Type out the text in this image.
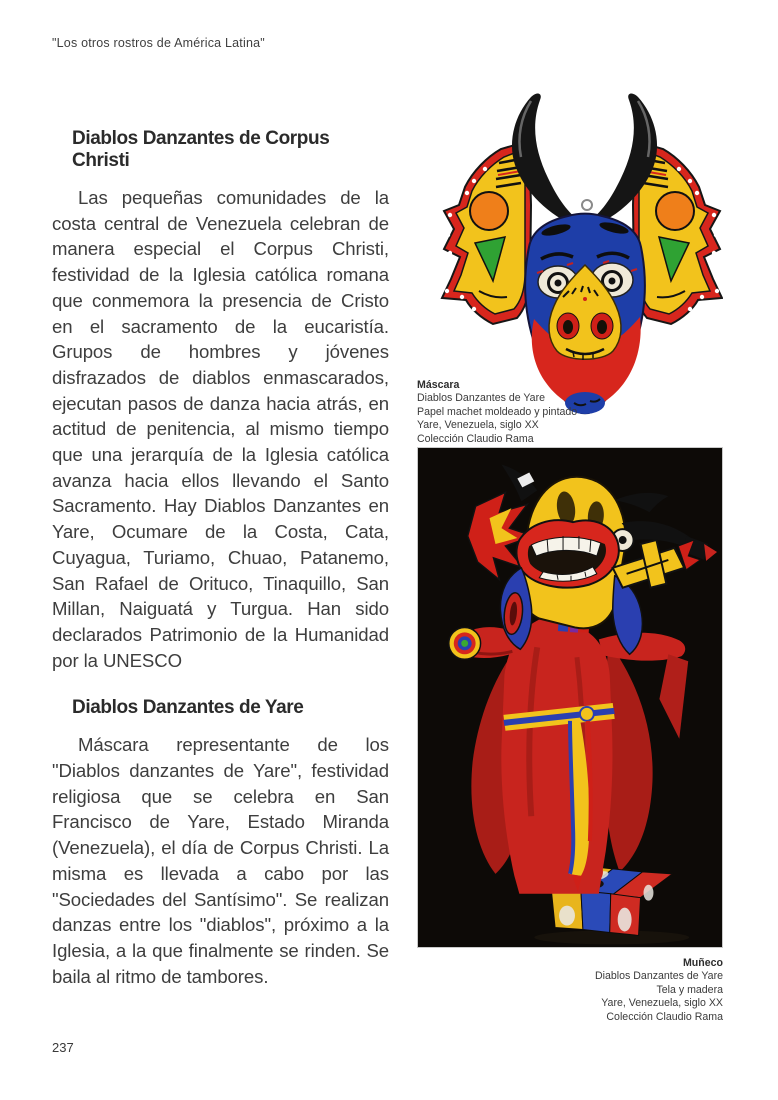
"Los otros rostros de América Latina"
Diablos Danzantes de Corpus Christi

Las pequeñas comunidades de la costa central de Venezuela celebran de manera especial el Corpus Christi, festividad de la Iglesia católica romana que conmemora la presencia de Cristo en el sacramento de la eucaristía. Grupos de hombres y jóvenes disfrazados de diablos enmascarados, ejecutan pasos de danza hacia atrás, en actitud de penitencia, al mismo tiempo que una jerarquía de la Iglesia católica avanza hacia ellos llevando el Santo Sacramento. Hay Diablos Danzantes en Yare, Ocumare de la Costa, Cata, Cuyagua, Turiamo, Chuao, Patanemo, San Rafael de Orituco, Tinaquillo, San Millan, Naiguatá y Turgua. Han sido declarados Patrimonio de la Humanidad por la UNESCO

Diablos Danzantes de Yare

Máscara representante de los "Diablos danzantes de Yare", festividad religiosa que se celebra en San Francisco de Yare, Estado Miranda (Venezuela), el día de Corpus Christi. La misma es llevada a cabo por las "Sociedades del Santísimo". Se realizan danzas entre los "diablos", próximo a la Iglesia, a la que finalmente se rinden. Se baila al ritmo de tambores.

Máscara
Diablos Danzantes de Yare
Papel machet moldeado y pintado
Yare, Venezuela, siglo XX
Colección Claudio Rama
Muñeco
Diablos Danzantes de Yare
Tela y madera
Yare, Venezuela, siglo XX
Colección Claudio Rama
237
